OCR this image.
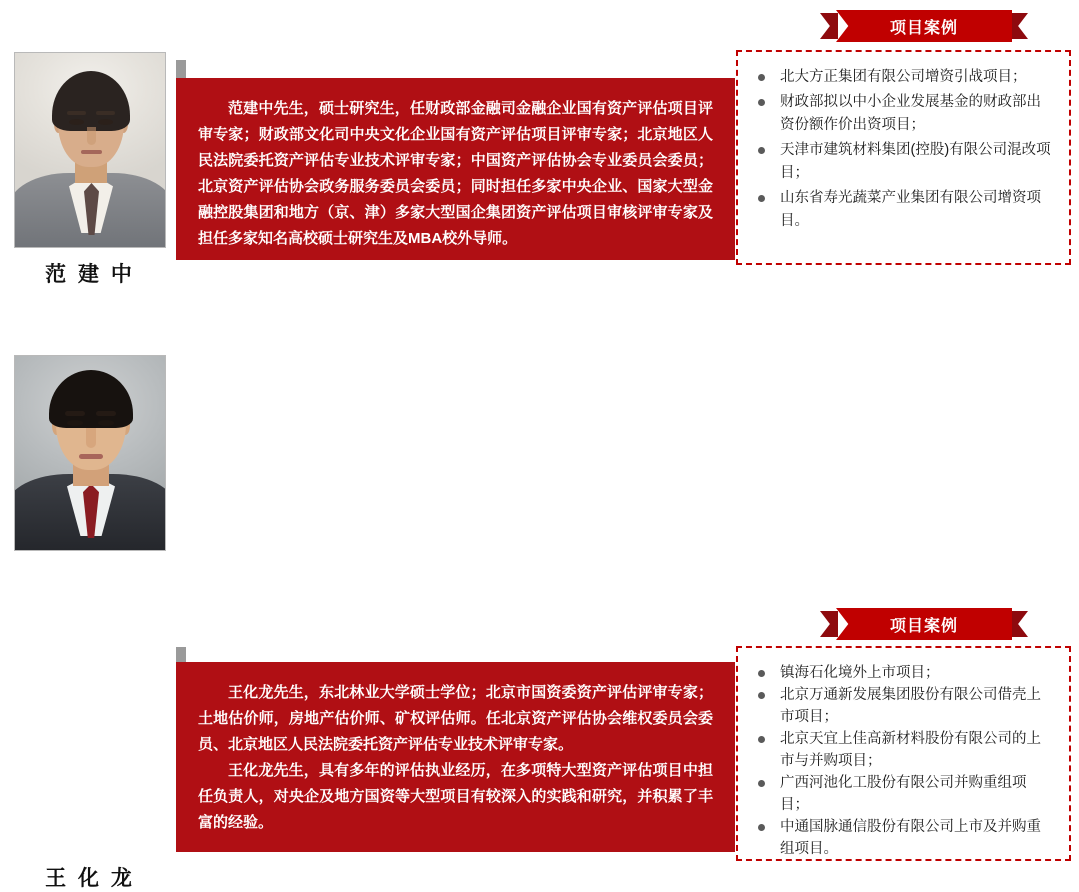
范 建 中

范建中先生，硕士研究生，任财政部金融司金融企业国有资产评估项目评审专家；财政部文化司中央文化企业国有资产评估项目评审专家；北京地区人民法院委托资产评估专业技术评审专家；中国资产评估协会专业委员会委员；北京资产评估协会政务服务委员会委员；同时担任多家中央企业、国家大型金融控股集团和地方（京、津）多家大型国企集团资产评估项目审核评审专家及担任多家知名高校硕士研究生及MBA校外导师。

北大方正集团有限公司增资引战项目；
财政部拟以中小企业发展基金的财政部出资份额作价出资项目；
天津市建筑材料集团(控股)有限公司混改项目；
山东省寿光蔬菜产业集团有限公司增资项目。
项目案例
王 化 龙

王化龙先生，东北林业大学硕士学位；北京市国资委资产评估评审专家；土地估价师，房地产估价师、矿权评估师。任北京资产评估协会维权委员会委员、北京地区人民法院委托资产评估专业技术评审专家。

王化龙先生，具有多年的评估执业经历，在多项特大型资产评估项目中担任负责人，对央企及地方国资等大型项目有较深入的实践和研究，并积累了丰富的经验。

镇海石化境外上市项目；
北京万通新发展集团股份有限公司借壳上市项目；
北京天宜上佳高新材料股份有限公司的上市与并购项目；
广西河池化工股份有限公司并购重组项目；
中通国脉通信股份有限公司上市及并购重组项目。
项目案例
